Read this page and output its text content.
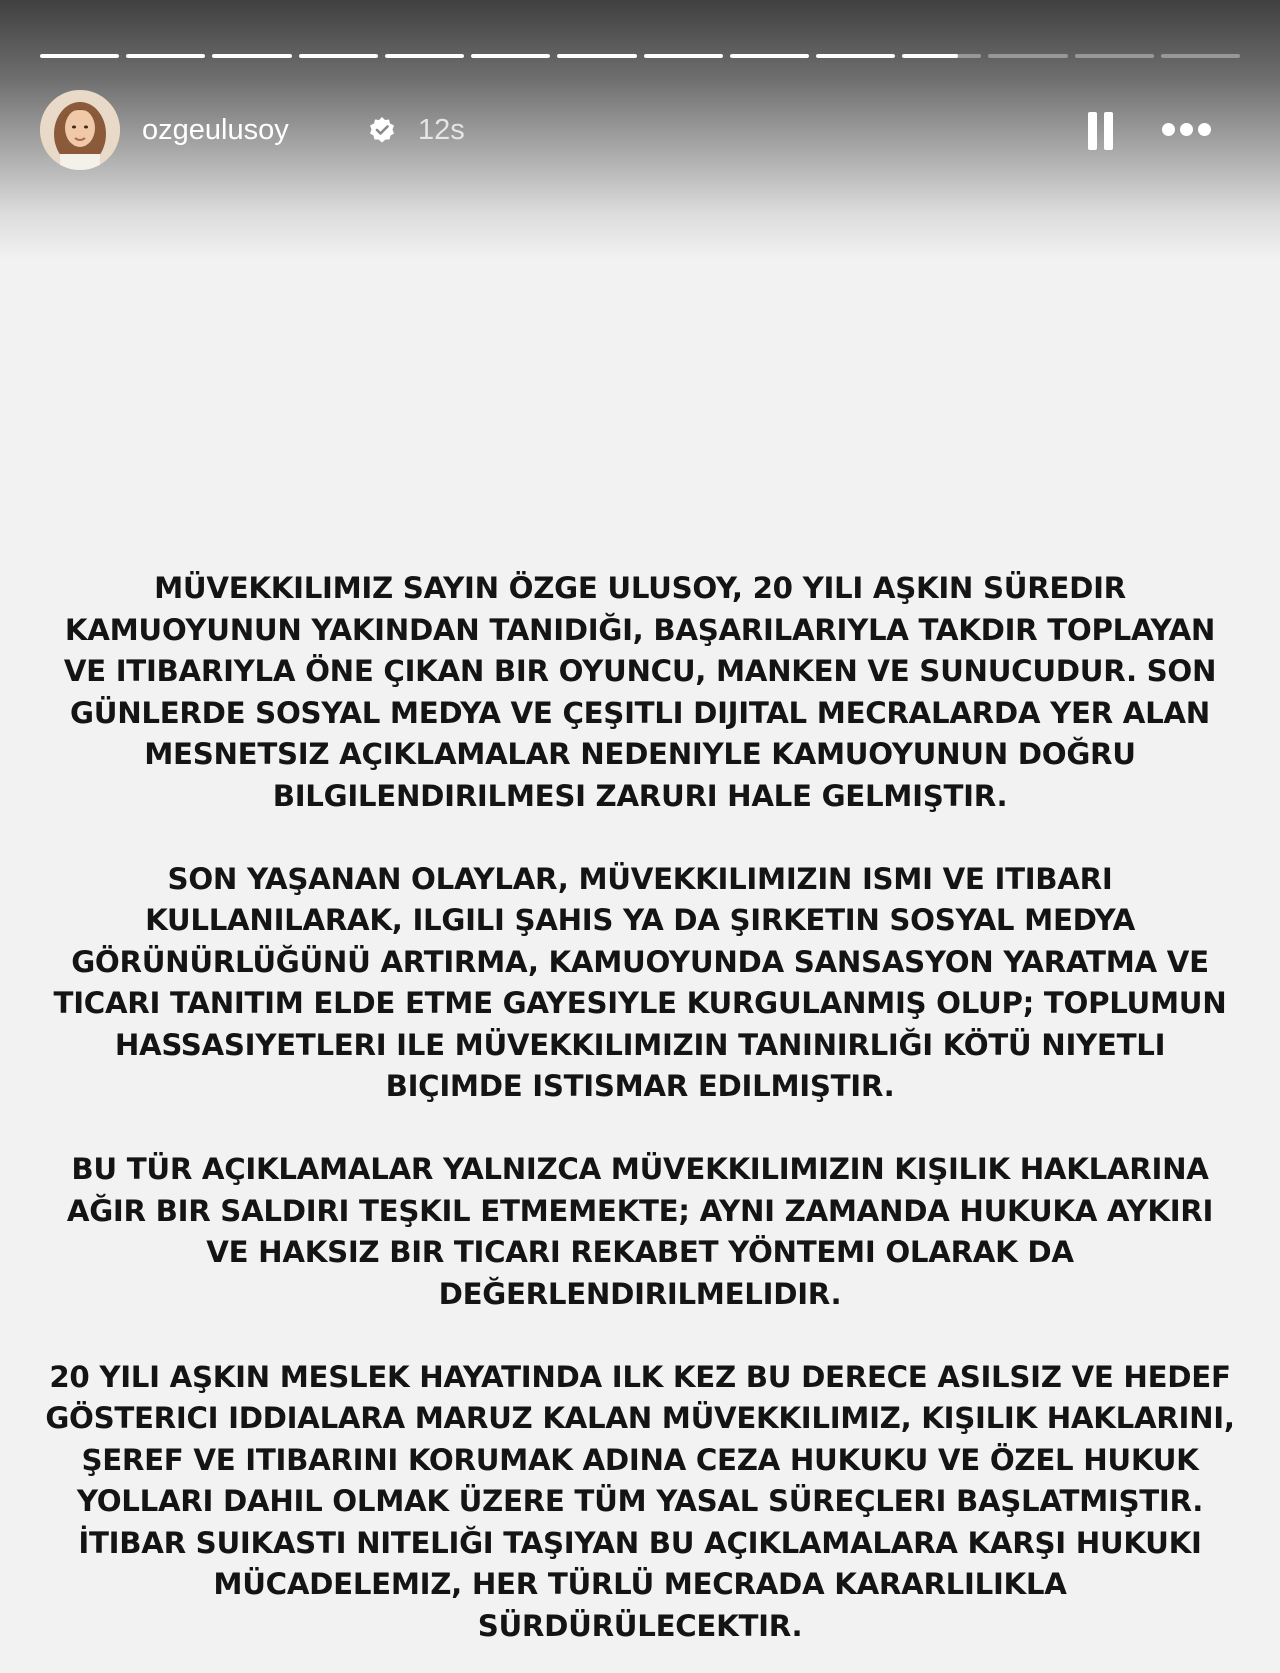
ozgeulusoy	12s

MÜVEKKILIMIZ SAYIN ÖZGE ULUSOY, 20 YILI AŞKIN SÜREDIR
KAMUOYUNUN YAKINDAN TANIDIĞI, BAŞARILARIYLA TAKDIR TOPLAYAN
VE ITIBARIYLA ÖNE ÇIKAN BIR OYUNCU, MANKEN VE SUNUCUDUR. SON
GÜNLERDE SOSYAL MEDYA VE ÇEŞITLI DIJITAL MECRALARDA YER ALAN
MESNETSIZ AÇIKLAMALAR NEDENIYLE KAMUOYUNUN DOĞRU
BILGILENDIRILMESI ZARURI HALE GELMIŞTIR.

SON YAŞANAN OLAYLAR, MÜVEKKILIMIZIN ISMI VE ITIBARI
KULLANILARAK, ILGILI ŞAHIS YA DA ŞIRKETIN SOSYAL MEDYA
GÖRÜNÜRLÜĞÜNÜ ARTIRMA, KAMUOYUNDA SANSASYON YARATMA VE
TICARI TANITIM ELDE ETME GAYESIYLE KURGULANMIŞ OLUP; TOPLUMUN
HASSASIYETLERI ILE MÜVEKKILIMIZIN TANINIRLIĞI KÖTÜ NIYETLI
BIÇIMDE ISTISMAR EDILMIŞTIR.

BU TÜR AÇIKLAMALAR YALNIZCA MÜVEKKILIMIZIN KIŞILIK HAKLARINA
AĞIR BIR SALDIRI TEŞKIL ETMEMEKTE; AYNI ZAMANDA HUKUKA AYKIRI
VE HAKSIZ BIR TICARI REKABET YÖNTEMI OLARAK DA
DEĞERLENDIRILMELIDIR.

20 YILI AŞKIN MESLEK HAYATINDA ILK KEZ BU DERECE ASILSIZ VE HEDEF
GÖSTERICI IDDIALARA MARUZ KALAN MÜVEKKILIMIZ, KIŞILIK HAKLARINI,
ŞEREF VE ITIBARINI KORUMAK ADINA CEZA HUKUKU VE ÖZEL HUKUK
YOLLARI DAHIL OLMAK ÜZERE TÜM YASAL SÜREÇLERI BAŞLATMIŞTIR.
İTIBAR SUIKASTI NITELIĞI TAŞIYAN BU AÇIKLAMALARA KARŞI HUKUKI
MÜCADELEMIZ, HER TÜRLÜ MECRADA KARARLILIKLA
SÜRDÜRÜLECEKTIR.
